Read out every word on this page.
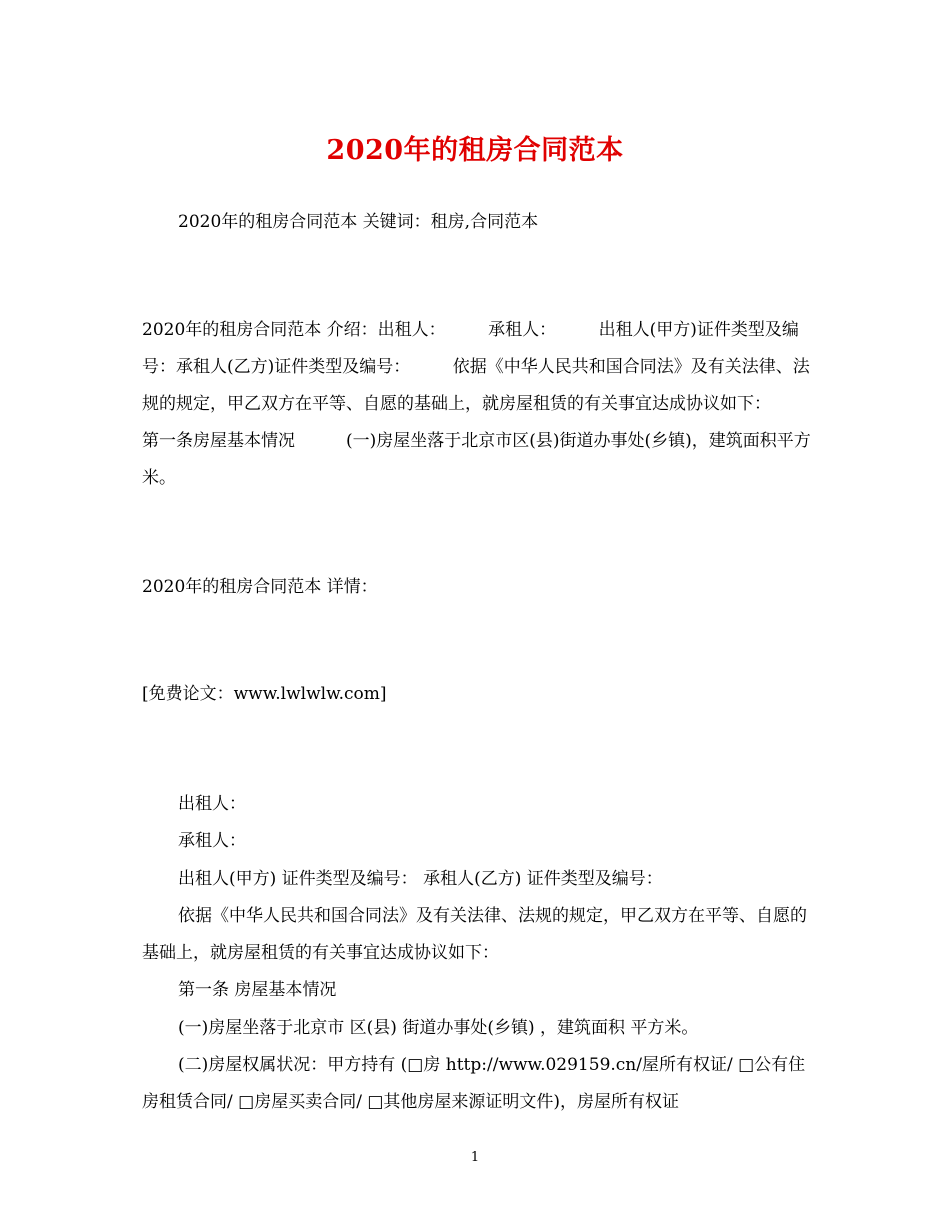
2020年的租房合同范本

2020年的租房合同范本 关键词：租房,合同范本

2020年的租房合同范本 介绍：出租人：　　　承租人：　　　出租人(甲方)证件类型及编号：承租人(乙方)证件类型及编号：　　　依据《中华人民共和国合同法》及有关法律、法规的规定，甲乙双方在平等、自愿的基础上，就房屋租赁的有关事宜达成协议如下：　　　第一条房屋基本情况　　　(一)房屋坐落于北京市区(县)街道办事处(乡镇)，建筑面积平方米。

2020年的租房合同范本 详情：

[免费论文：www.lwlwlw.com]

出租人：

承租人：

出租人(甲方) 证件类型及编号： 承租人(乙方) 证件类型及编号：

依据《中华人民共和国合同法》及有关法律、法规的规定，甲乙双方在平等、自愿的基础上，就房屋租赁的有关事宜达成协议如下：

第一条 房屋基本情况

(一)房屋坐落于北京市 区(县) 街道办事处(乡镇) ，建筑面积 平方米。

(二)房屋权属状况：甲方持有 (□房 http://www.029159.cn/屋所有权证/ □公有住房租赁合同/ □房屋买卖合同/ □其他房屋来源证明文件)，房屋所有权证

1
